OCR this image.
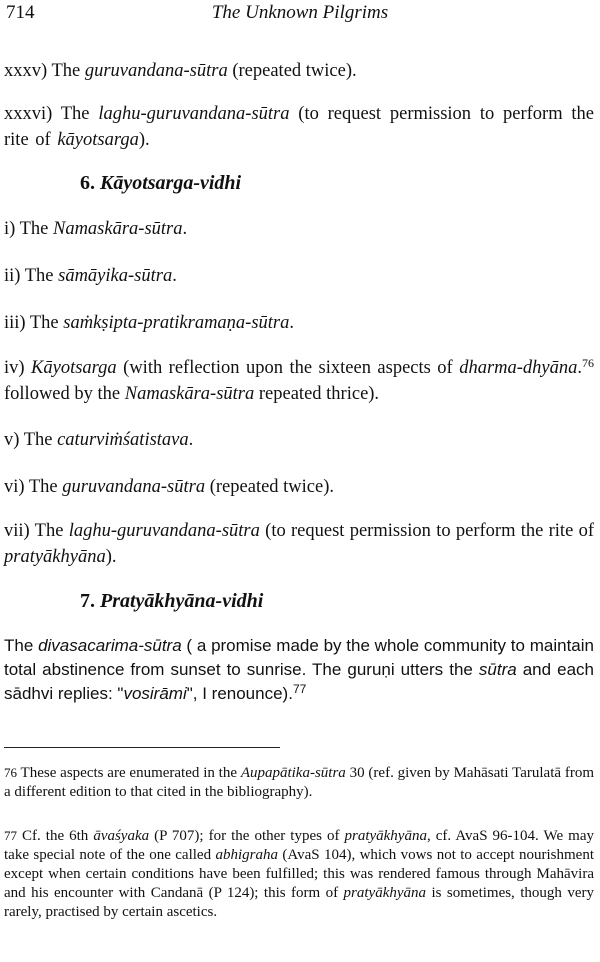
714	The Unknown Pilgrims

xxxv) The guruvandana-sūtra (repeated twice).

xxxvi) The laghu-guruvandana-sūtra (to request permission to perform the rite of kāyotsarga).

6. Kāyotsarga-vidhi

i) The Namaskāra-sūtra.

ii) The sāmāyika-sūtra.

iii) The saṁkṣipta-pratikramaṇa-sūtra.

iv) Kāyotsarga (with reflection upon the sixteen aspects of dharma-dhyāna.$^{76}$ followed by the Namaskāra-sūtra repeated thrice).

v) The caturviṁśatistava.

vi) The guruvandana-sūtra (repeated twice).

vii) The laghu-guruvandana-sūtra (to request permission to perform the rite of pratyākhyāna).

7. Pratyākhyāna-vidhi

The divasacarima-sūtra ( a promise made by the whole community to maintain total abstinence from sunset to sunrise. The guruṇi utters the sūtra and each sādhvi replies: "vosirāmi", I renounce).$^{77}$

76 These aspects are enumerated in the Aupapātika-sūtra 30 (ref. given by Mahāsati Tarulatā from a different edition to that cited in the bibliography).

77 Cf. the 6th āvaśyaka (P 707); for the other types of pratyākhyāna, cf. AvaS 96-104. We may take special note of the one called abhigraha (AvaS 104), which vows not to accept nourishment except when certain conditions have been fulfilled; this was rendered famous through Mahāvira and his encounter with Candanā (P 124); this form of pratyākhyāna is sometimes, though very rarely, practised by certain ascetics.
